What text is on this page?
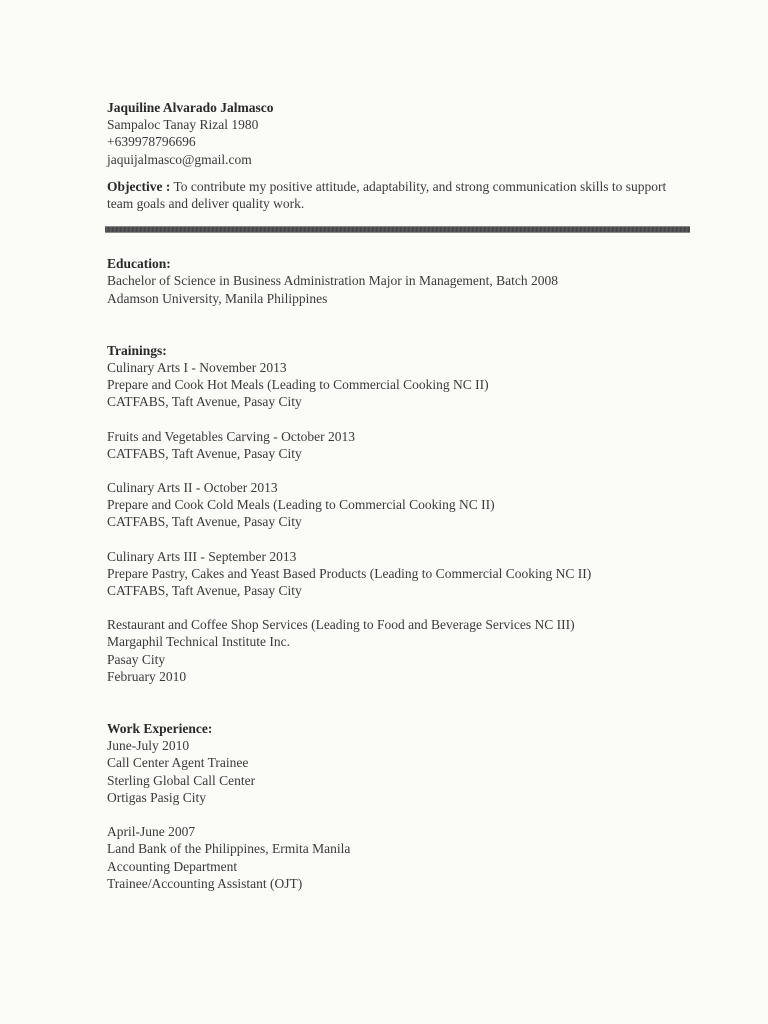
Jaquiline Alvarado Jalmasco
Sampaloc Tanay Rizal 1980
+639978796696
jaquijalmasco@gmail.com
Objective : To contribute my positive attitude, adaptability, and strong communication skills to support team goals and deliver quality work.
Education:
Bachelor of Science in Business Administration Major in Management, Batch 2008
Adamson University, Manila Philippines
Trainings:
Culinary Arts I - November 2013
Prepare and Cook Hot Meals (Leading to Commercial Cooking NC II)
CATFABS, Taft Avenue, Pasay City
Fruits and Vegetables Carving - October 2013
CATFABS, Taft Avenue, Pasay City
Culinary Arts II - October 2013
Prepare and Cook Cold Meals (Leading to Commercial Cooking NC II)
CATFABS, Taft Avenue, Pasay City
Culinary Arts III - September 2013
Prepare Pastry, Cakes and Yeast Based Products (Leading to Commercial Cooking NC II)
CATFABS, Taft Avenue, Pasay City
Restaurant and Coffee Shop Services (Leading to Food and Beverage Services NC III)
Margaphil Technical Institute Inc.
Pasay City
February 2010
Work Experience:
June-July 2010
Call Center Agent Trainee
Sterling Global Call Center
Ortigas Pasig City
April-June 2007
Land Bank of the Philippines, Ermita Manila
Accounting Department
Trainee/Accounting Assistant (OJT)
